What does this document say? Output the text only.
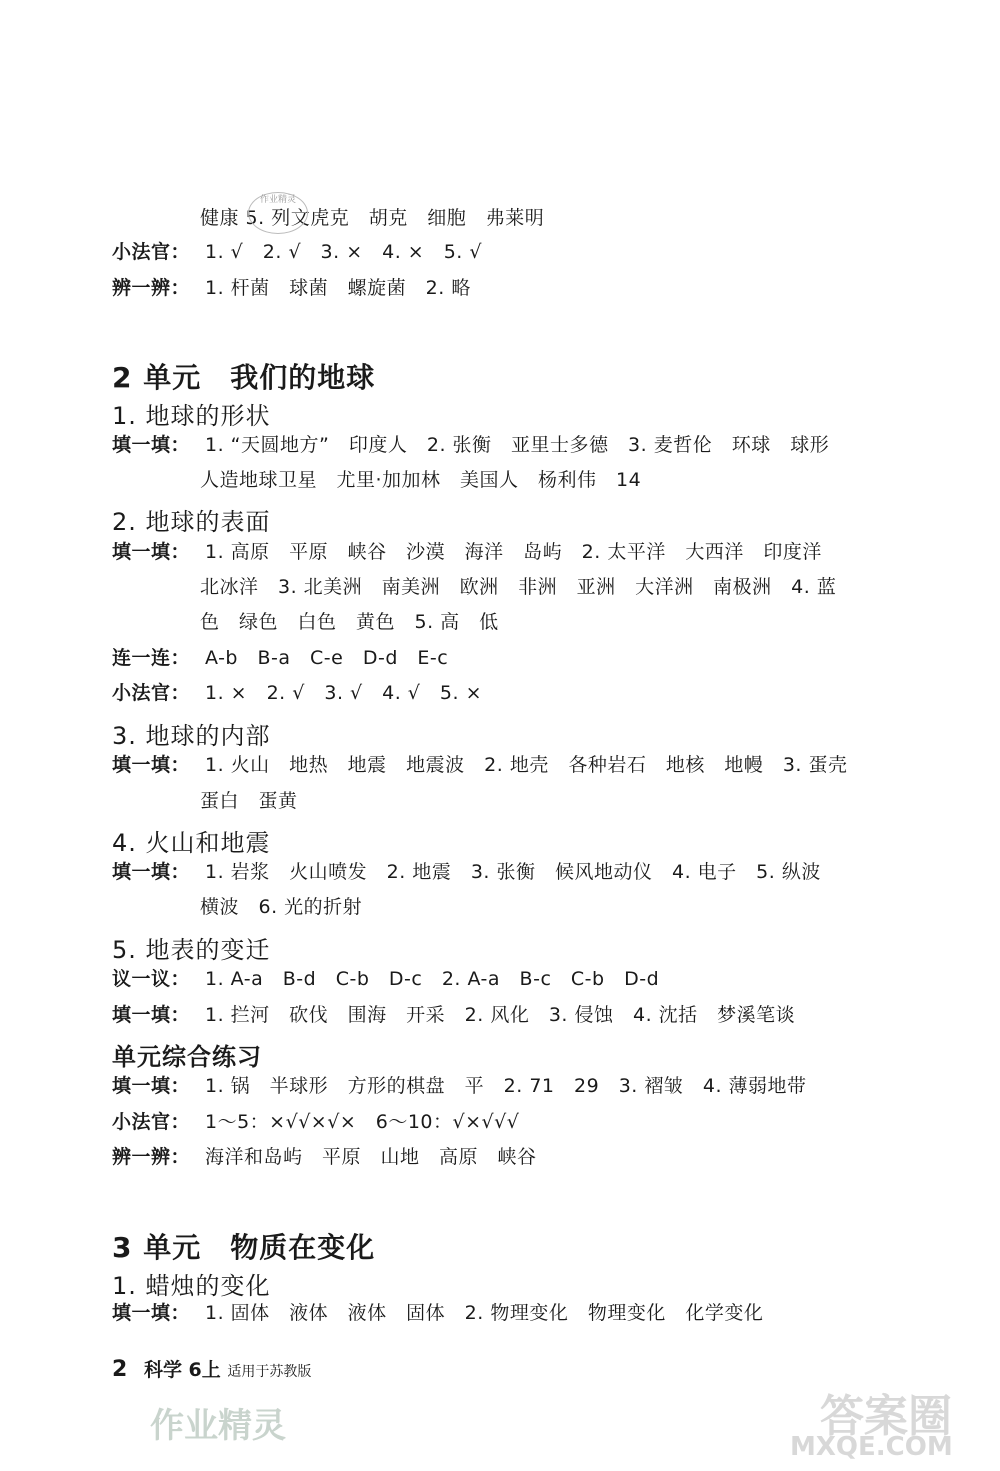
健康 5. 列文虎克　胡克　细胞　弗莱明
作业精灵
小法官： 1. √　2. √　3. ×　4. ×　5. √
辨一辨： 1. 杆菌　球菌　螺旋菌　2. 略
2 单元　我们的地球
1. 地球的形状
填一填： 1. “天圆地方”　印度人　2. 张衡　亚里士多德　3. 麦哲伦　环球　球形
人造地球卫星　尤里·加加林　美国人　杨利伟　14
2. 地球的表面
填一填： 1. 高原　平原　峡谷　沙漠　海洋　岛屿　2. 太平洋　大西洋　印度洋
北冰洋　3. 北美洲　南美洲　欧洲　非洲　亚洲　大洋洲　南极洲　4. 蓝
色　绿色　白色　黄色　5. 高　低
连一连： A-b　B-a　C-e　D-d　E-c
小法官： 1. ×　2. √　3. √　4. √　5. ×
3. 地球的内部
填一填： 1. 火山　地热　地震　地震波　2. 地壳　各种岩石　地核　地幔　3. 蛋壳
蛋白　蛋黄
4. 火山和地震
填一填： 1. 岩浆　火山喷发　2. 地震　3. 张衡　候风地动仪　4. 电子　5. 纵波
横波　6. 光的折射
5. 地表的变迁
议一议： 1. A-a　B-d　C-b　D-c　2. A-a　B-c　C-b　D-d
填一填： 1. 拦河　砍伐　围海　开采　2. 风化　3. 侵蚀　4. 沈括　梦溪笔谈
单元综合练习
填一填： 1. 锅　半球形　方形的棋盘　平　2. 71　29　3. 褶皱　4. 薄弱地带
小法官： 1～5：×√√×√×　6～10：√×√√√
辨一辨： 海洋和岛屿　平原　山地　高原　峡谷
3 单元　物质在变化
1. 蜡烛的变化
填一填： 1. 固体　液体　液体　固体　2. 物理变化　物理变化　化学变化
2 科学 6上 适用于苏教版
作业精灵	答案圈
MXQE.COM
